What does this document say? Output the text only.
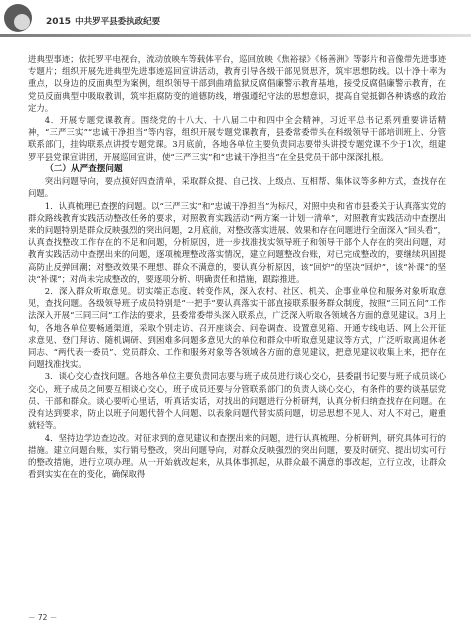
2015 中共罗平县委执政纪要

进典型事迹；依托罗平电视台，流动放映车等载体平台，巡回放映《焦裕禄》《杨善洲》等影片和音像带先进事迹专题片；组织开展先进典型先进事迹巡回宣讲活动，教育引导各级干部见贤思齐，筑牢思想防线。以十净十率为重点，以身边的反面典型为案例，组织领导干部到曲靖监狱反腐倡廉警示教育基地，接受反腐倡廉警示教育，在党员反面典型中吸取教训，筑牢拒腐防变的道德防线，增强遵纪守法的思想意识，提高自觉抵御各种诱惑的政治定力。

4．开展专题党课教育。围绕党的十八大、十八届二中和四中全会精神，习近平总书记系列重要讲话精神，“三严三实”“忠诚干净担当”等内容，组织开展专题党课教育，县委常委带头在科级领导干部培训班上、分管联系部门，挂钩联系点讲授专题党课。3月底前，各地各单位主要负责同志要带头讲授专题党课不少于1次，组建罗平县党课宣讲团，开展巡回宣讲，使“三严三实”和“忠诚干净担当”在全县党员干部中深深扎根。

（二）从严查摆问题

突出问题导向，要点摸好四查清单，采取群众提、自己找、上级点、互相帮、集体议等多种方式，查找存在问题。

1．认真梳理已查摆的问题。以“三严三实”和“忠诚干净担当”为标尺，对照中央和省市县委关于认真落实党的群众路线教育实践活动整改任务的要求，对照教育实践活动“两方案一计划一清单”，对照教育实践活动中查摆出来的问题特别是群众反映强烈的突出问题，2月底前，对整改落实进展、效果和存在问题进行全面深入“回头看”，认真查找整改工作存在的不足和问题，分析原因，进一步找准找实领导班子和领导干部个人存在的突出问题，对教育实践活动中查摆出来的问题，逐项梳理整改落实情况，建立问题整改台账，对已完成整改的，要继续巩固提高防止反弹回潮；对整改效果不理想、群众不满意的，要认真分析原因，该“回炉”的坚决“回炉”，该“补课”的坚决“补课”；对尚未完成整改的，要逐项分析、明确责任和措施，跟踪推进。

2．深入群众听取意见。切实端正态度、转变作风，深入农村、社区、机关、企事业单位和服务对象听取意见，查找问题。各级领导班子成员特别是“一把手”要认真落实干部直接联系服务群众制度，按照“三同五问”工作法深入开展“三同三问”工作法的要求，县委常委带头深入联系点，广泛深入听取各领域各方面的意见建议。3月上旬，各地各单位要畅通渠道，采取个别走访、召开座谈会、问卷调查、设置意见箱、开通专线电话、网上公开征求意见、登门拜访、随机调研、到困难多问题多意见大的单位和群众中听取意见建议等方式，广泛听取离退休老同志、“两代表一委员”、党员群众、工作和服务对象等各领域各方面的意见建议，把意见建议收集上来，把存在问题找准找实。

3．谈心交心查找问题。各地各单位主要负责同志要与班子成员进行谈心交心，县委副书记要与班子成员谈心交心，班子成员之间要互相谈心交心，班子成员还要与分管联系部门的负责人谈心交心，有条件的要约谈基层党员、干部和群众。谈心要听心里话，听真话实话，对找出的问题进行分析研判，认真分析归纳查找存在问题。在没有达到要求，防止以班子问题代替个人问题、以表象问题代替实质问题，切忌思想不见人、对人不对己，避重就轻等。

4．坚持边学边查边改。对征求到的意见建议和查摆出来的问题，进行认真梳理、分析研判，研究具体可行的措施。建立问题台账，实行销号整改，突出问题导向，对群众反映强烈的突出问题，要及时研究、提出切实可行的整改措施，进行立项办理。从一开始就改起来，从具体事抓起，从群众最不满意的事改起，立行立改，让群众看到实实在在的变化，确保取得

－ 72 －
